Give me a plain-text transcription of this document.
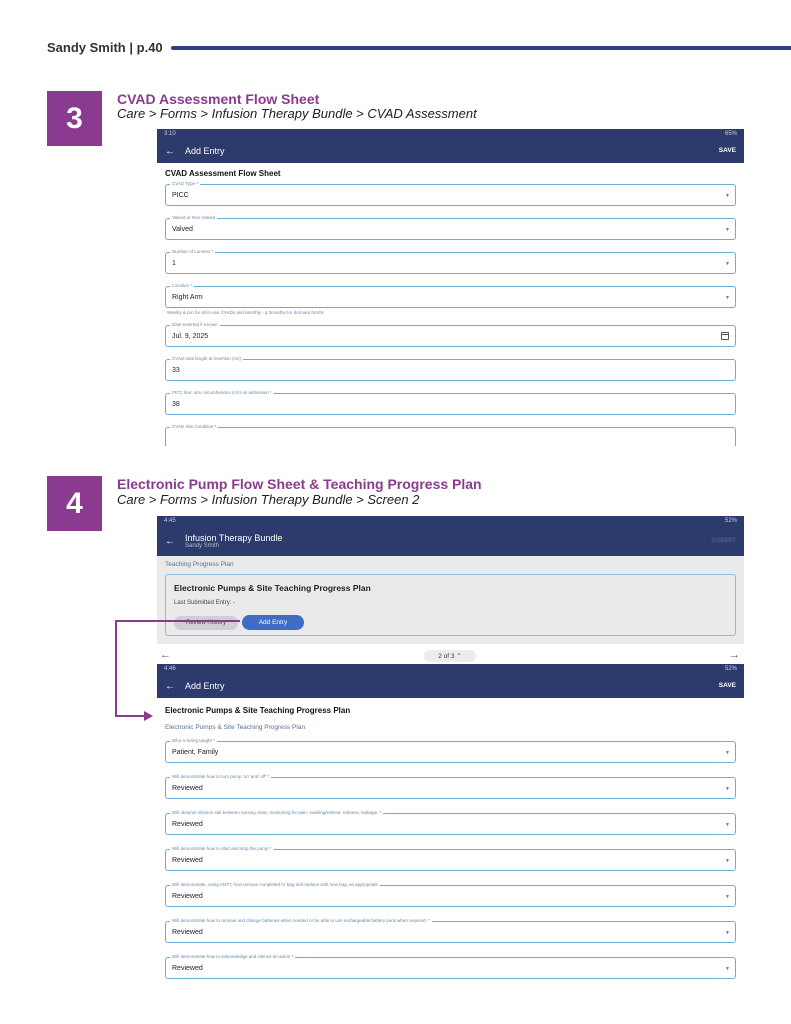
Sandy Smith | p.40
3
CVAD Assessment Flow Sheet
Care > Forms > Infusion Therapy Bundle > CVAD Assessment
3:10	65%
←	Add Entry	SAVE
CVAD Assessment Flow Sheet
CVAD Type *
PICC	▼
Valved or Non-Valved
Valved	▼
Number of Lumens *
1	▼
Location *
Right Arm	▼
Weekly & prn for all in-use CVADs and Monthly - q 3months for dormant IVADs
Date Inserted if Known
Jul. 9, 2025
CVAD total length at insertion (cm)
33
PICC line: arm circumference (cm) on admission *
38
CVAD Site Condition *
4
Electronic Pump Flow Sheet & Teaching Progress Plan
Care > Forms > Infusion Therapy Bundle > Screen 2
4:45	52%
←	Infusion Therapy Bundle
Sandy Smith
SUBMIT
Teaching Progress Plan
Electronic Pumps & Site Teaching Progress Plan
Last Submitted Entry: -
Review History	Add Entry
←	2 of 3
⌃	→
4:46	52%
←	Add Entry	SAVE
Electronic Pumps & Site Teaching Progress Plan
Electronic Pumps & Site Teaching Progress Plan
Who is being taught *
Patient, Family	▼
Will demonstrate how to turn pump 'on' and 'off' *
Reviewed	▼
Will observe infusion site between nursing visits, monitoring for pain, swelling/edema, redness, leakage. *
Reviewed	▼
Will demonstrate how to start and stop the pump *
Reviewed	▼
Will demonstrate, using ANTT, how remove completed IV bag and replace with new bag, as appropriate
Reviewed	▼
Will demonstrate how to remove and change batteries when needed or be able to use rechargeable battery pack when required. *
Reviewed	▼
Will demonstrate how to acknowledge and silence an alarm *
Reviewed	▼
